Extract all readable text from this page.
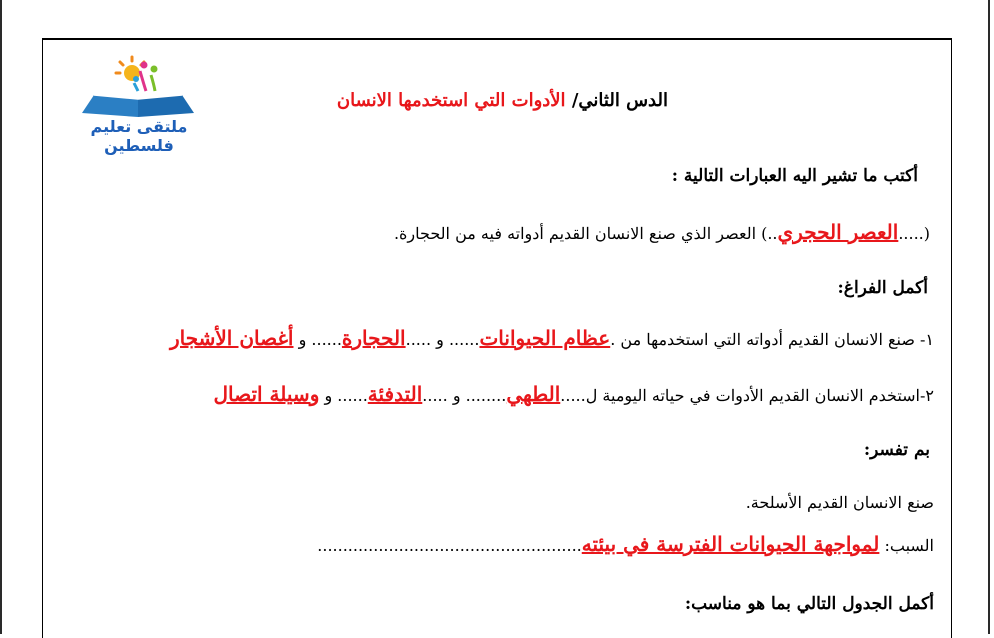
ملتقى تعليم فلسطين
الدس الثاني/ الأدوات التي استخدمها الانسان
أكتب ما تشير اليه العبارات التالية :
(.....العصر الحجري..) العصر الذي صنع الانسان القديم أدواته فيه من الحجارة.
أكمل الفراغ:
١- صنع الانسان القديم أدواته التي استخدمها من .عظام الحيوانات...... و .....الحجارة...... و أغصان الأشجار
٢-استخدم الانسان القديم الأدوات في حياته اليومية ل.....الطهي........ و .....التدفئة...... و وسيلة اتصال
بم تفسر:
صنع الانسان القديم الأسلحة.
السبب: لمواجهة الحيوانات الفترسة في بيئته....................................................
أكمل الجدول التالي بما هو مناسب:
